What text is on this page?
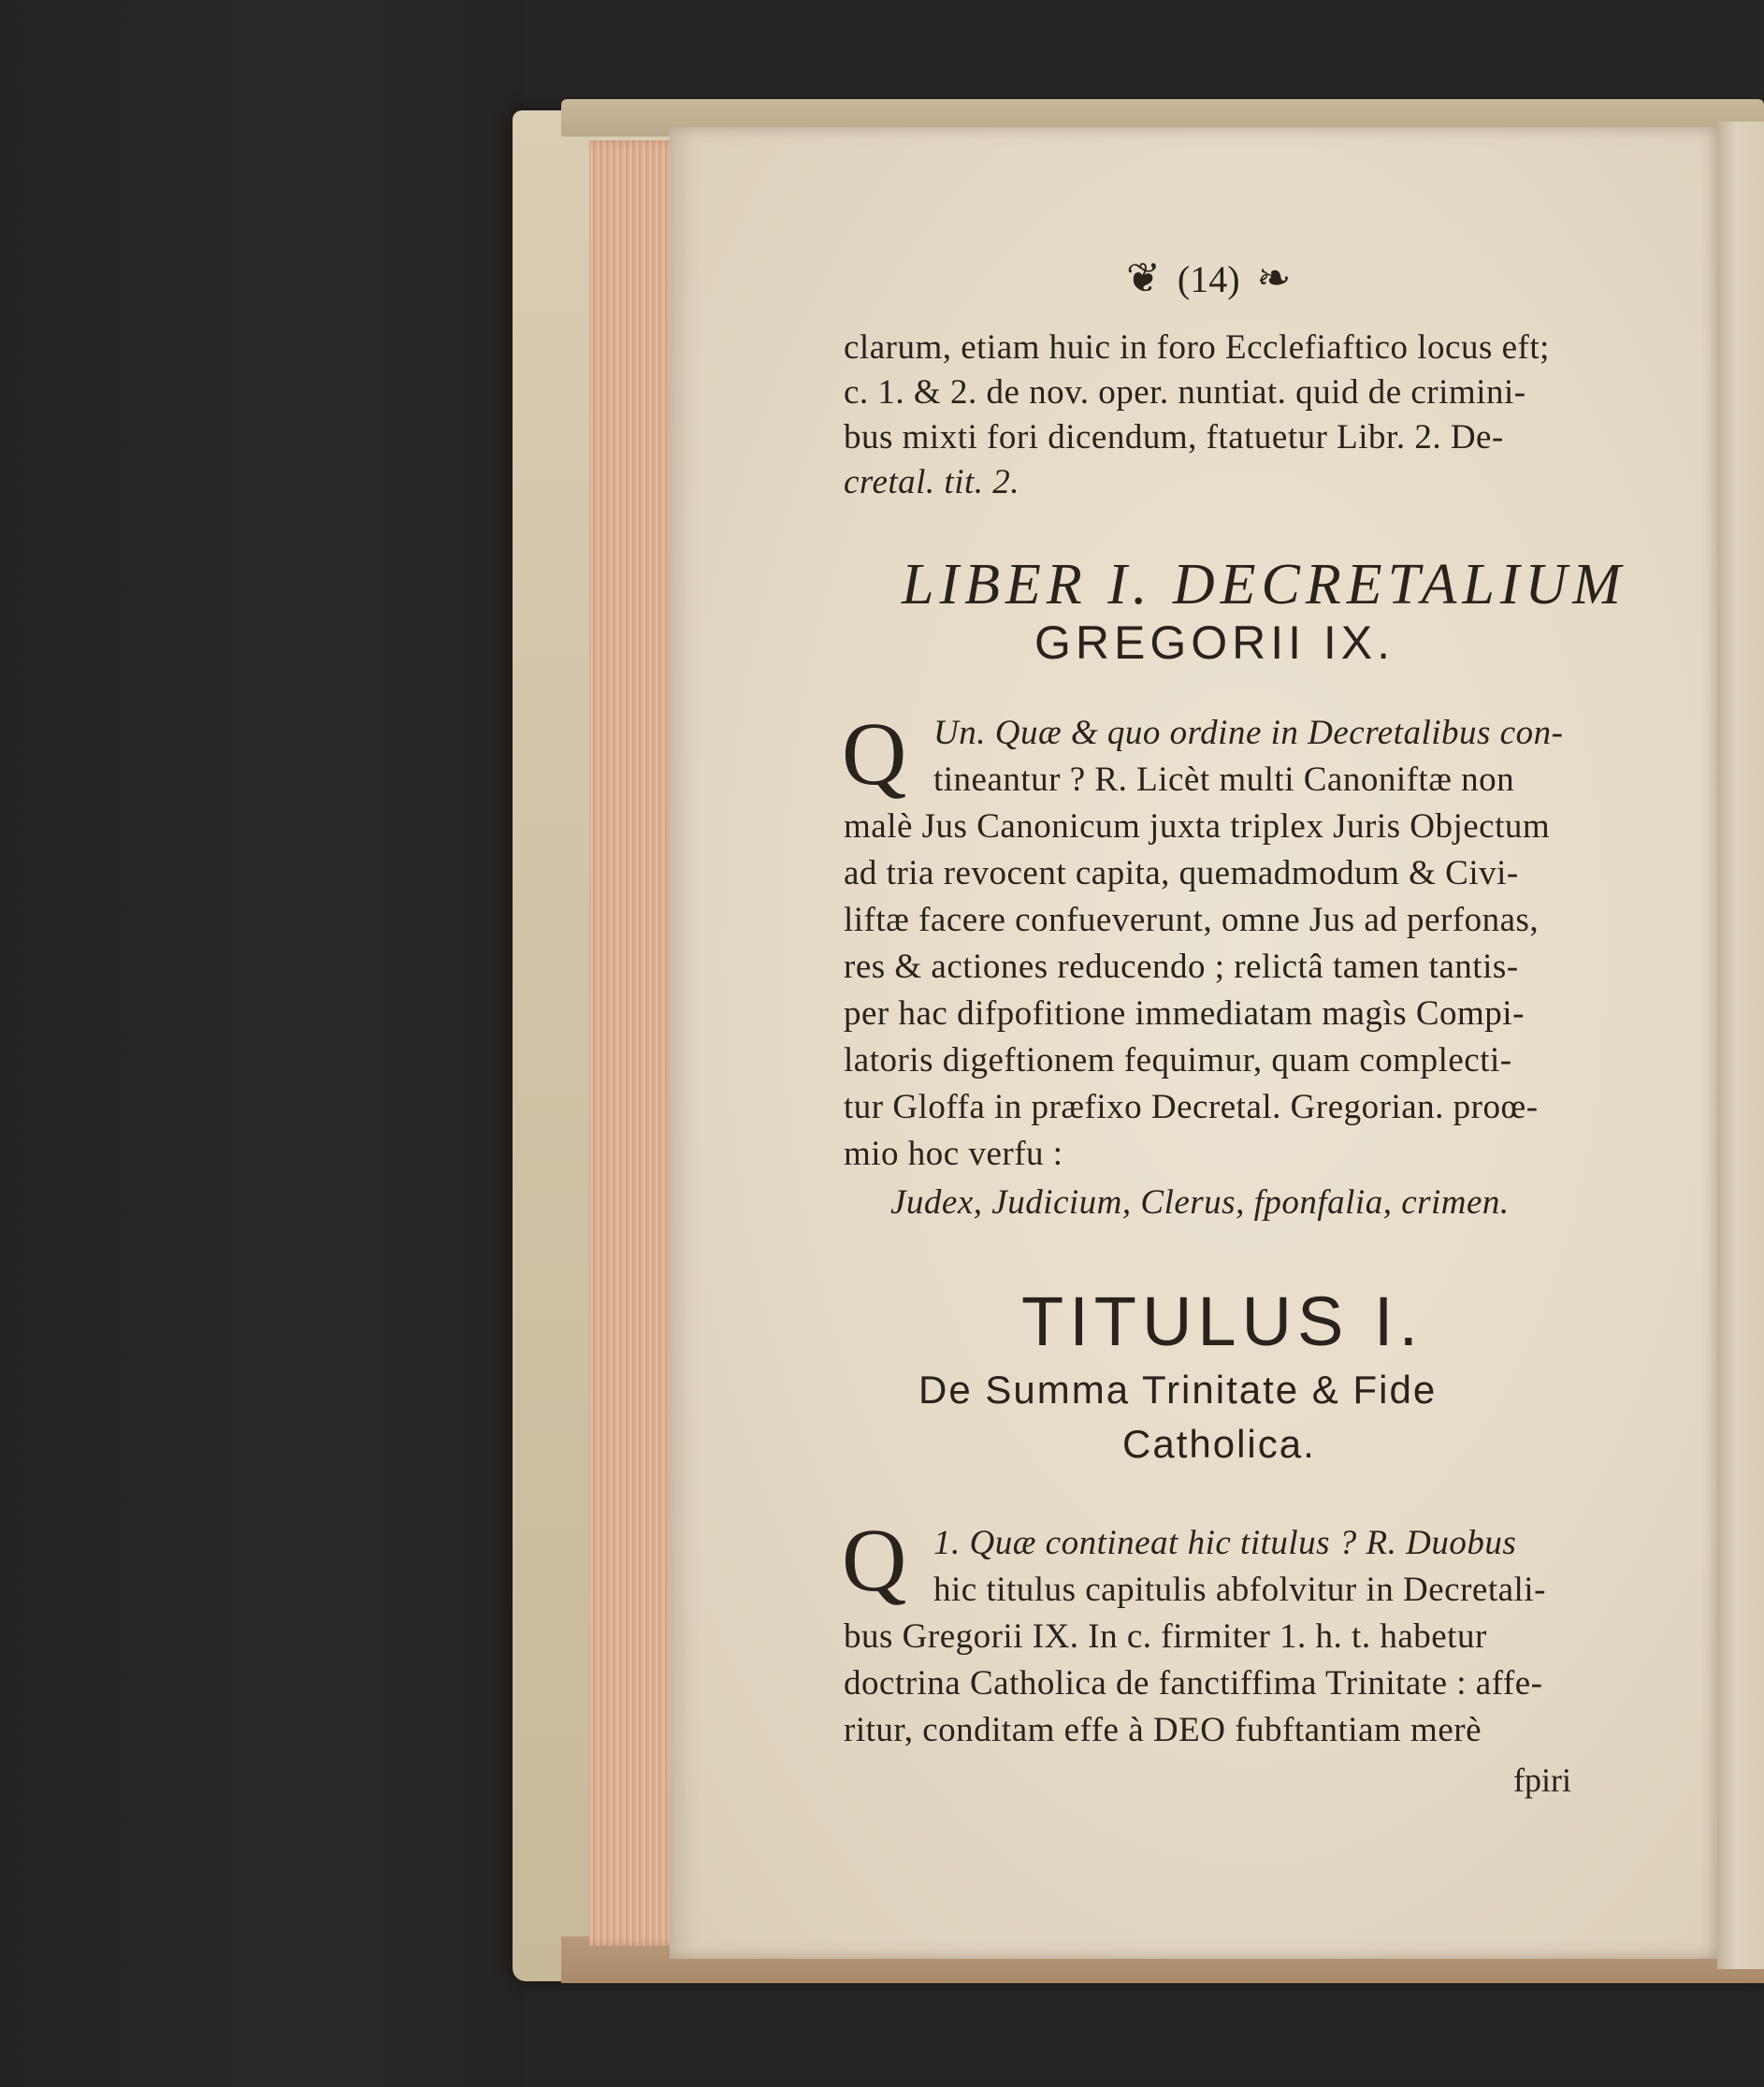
❦ (14) ❧
clarum, etiam huic in foro Ecclefiaftico locus eft;
c. 1. & 2. de nov. oper. nuntiat. quid de crimini-
bus mixti fori dicendum, ftatuetur Libr. 2. De-
cretal. tit. 2.
LIBER I. DECRETALIUM
GREGORII IX.
Q Un. Quæ & quo ordine in Decretalibus con-
tineantur ? R. Licèt multi Canoniftæ non
malè Jus Canonicum juxta triplex Juris Objectum
ad tria revocent capita, quemadmodum & Civi-
liftæ facere confueverunt, omne Jus ad perfonas,
res & actiones reducendo ; relictâ tamen tantis-
per hac difpofitione immediatam magìs Compi-
latoris digeftionem fequimur, quam complecti-
tur Gloffa in præfixo Decretal. Gregorian. proœ-
mio hoc verfu :
Judex, Judicium, Clerus, fponfalia, crimen.
TITULUS I.
De Summa Trinitate & Fide
Catholica.
Q 1. Quæ contineat hic titulus ? R. Duobus
hic titulus capitulis abfolvitur in Decretali-
bus Gregorii IX. In c. firmiter 1. h. t. habetur
doctrina Catholica de fanctiffima Trinitate : affe-
ritur, conditam effe à DEO fubftantiam merè
fpiri
